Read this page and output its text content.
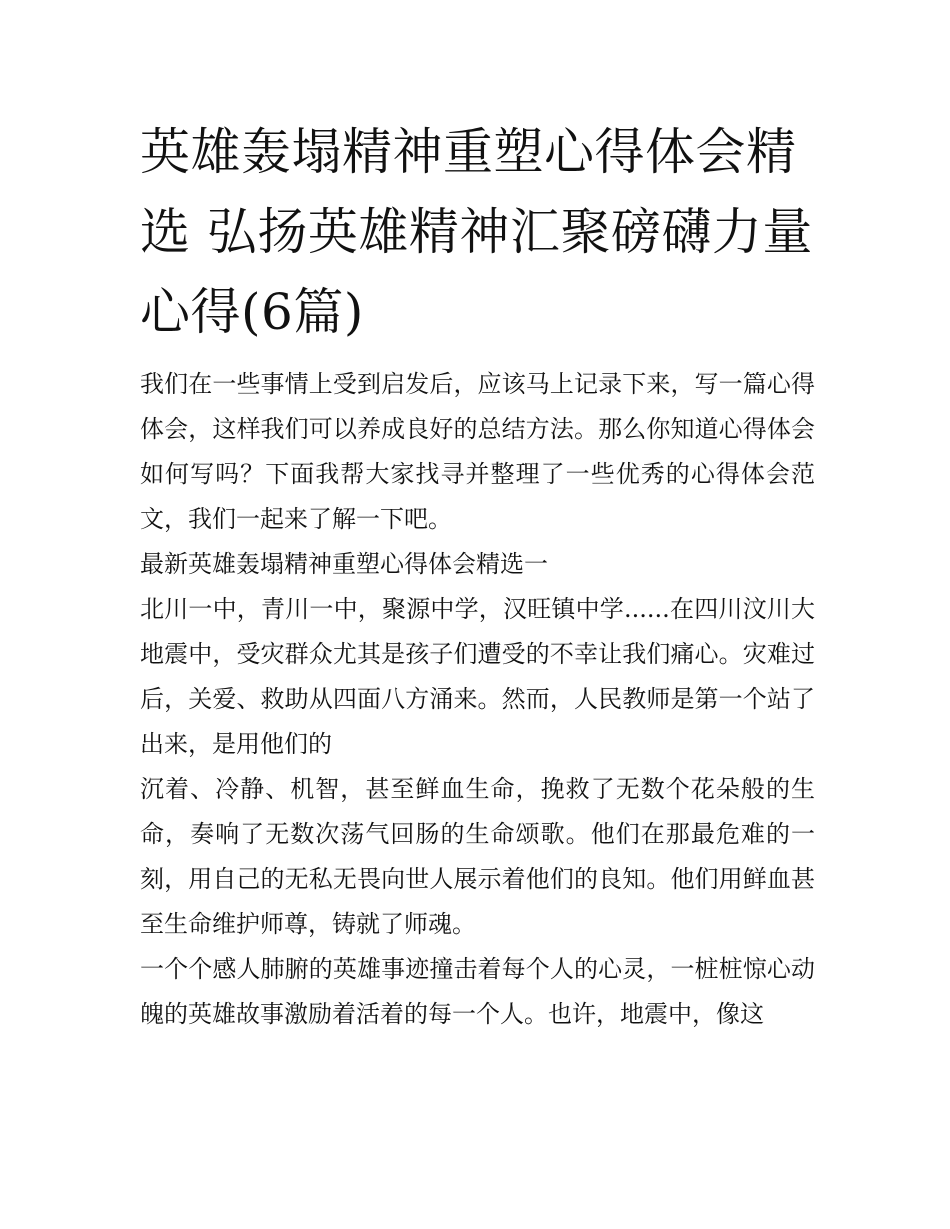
英雄轰塌精神重塑心得体会精选 弘扬英雄精神汇聚磅礴力量心得(6篇)

我们在一些事情上受到启发后，应该马上记录下来，写一篇心得体会，这样我们可以养成良好的总结方法。那么你知道心得体会如何写吗？下面我帮大家找寻并整理了一些优秀的心得体会范文，我们一起来了解一下吧。

最新英雄轰塌精神重塑心得体会精选一

北川一中，青川一中，聚源中学，汉旺镇中学......在四川汶川大地震中，受灾群众尤其是孩子们遭受的不幸让我们痛心。灾难过后，关爱、救助从四面八方涌来。然而，人民教师是第一个站了出来，是用他们的

沉着、冷静、机智，甚至鲜血生命，挽救了无数个花朵般的生命，奏响了无数次荡气回肠的生命颂歌。他们在那最危难的一刻，用自己的无私无畏向世人展示着他们的良知。他们用鲜血甚至生命维护师尊，铸就了师魂。

一个个感人肺腑的英雄事迹撞击着每个人的心灵，一桩桩惊心动魄的英雄故事激励着活着的每一个人。也许，地震中，像这
